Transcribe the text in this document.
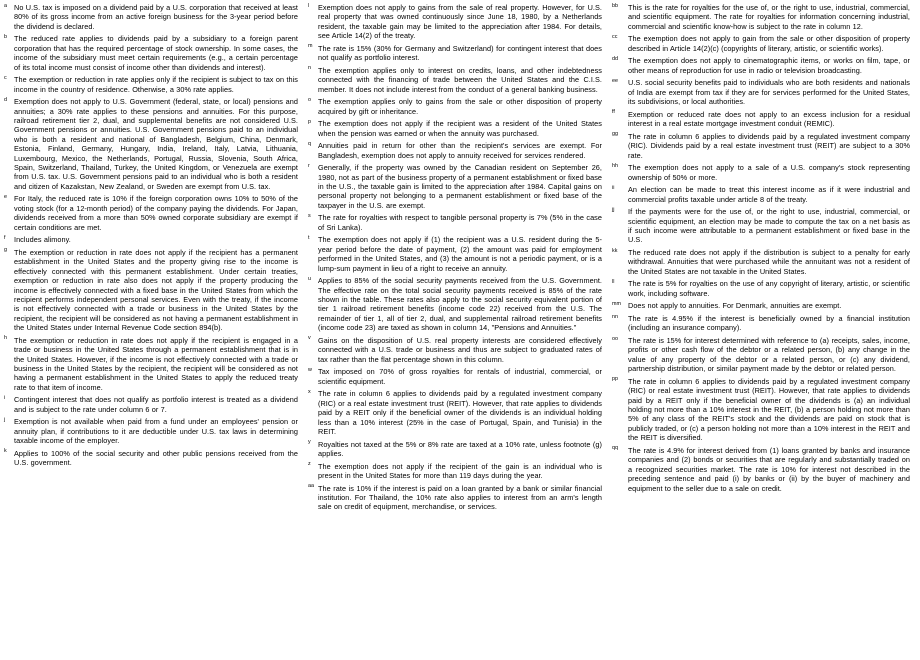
a No U.S. tax is imposed on a dividend paid by a U.S. corporation that received at least 80% of its gross income from an active foreign business for the 3-year period before the dividend is declared.
b The reduced rate applies to dividends paid by a subsidiary to a foreign parent corporation that has the required percentage of stock ownership. In some cases, the income of the subsidiary must meet certain requirements (e.g., a certain percentage of its total income must consist of income other than dividends and interest).
c The exemption or reduction in rate applies only if the recipient is subject to tax on this income in the country of residence. Otherwise, a 30% rate applies.
d Exemption does not apply to U.S. Government (federal, state, or local) pensions and annuities; a 30% rate applies to these pensions and annuities. For this purpose, railroad retirement tier 2, dual, and supplemental benefits are not considered U.S. Government pensions or annuities. U.S. Government pensions paid to an individual who is both a resident and national of Bangladesh, Belgium, China, Denmark, Estonia, Finland, Germany, Hungary, India, Ireland, Italy, Latvia, Lithuania, Luxembourg, Mexico, the Netherlands, Portugal, Russia, Slovenia, South Africa, Spain, Switzerland, Thailand, Turkey, the United Kingdom, or Venezuela are exempt from U.S. tax. U.S. Government pensions paid to an individual who is both a resident and citizen of Kazakstan, New Zealand, or Sweden are exempt from U.S. tax.
e For Italy, the reduced rate is 10% if the foreign corporation owns 10% to 50% of the voting stock (for a 12-month period) of the company paying the dividends. For Japan, dividends received from a more than 50% owned corporate subsidiary are exempt if certain conditions are met.
f Includes alimony.
g The exemption or reduction in rate does not apply if the recipient has a permanent establishment in the United States and the property giving rise to the income is effectively connected with this permanent establishment. Under certain treaties, exemption or reduction in rate also does not apply if the property producing the income is effectively connected with a fixed base in the United States from which the recipient performs independent personal services. Even with the treaty, if the income is not effectively connected with a trade or business in the United States by the recipient, the recipient will be considered as not having a permanent establishment in the United States under Internal Revenue Code section 894(b).
h The exemption or reduction in rate does not apply if the recipient is engaged in a trade or business in the United States through a permanent establishment that is in the United States. However, if the income is not effectively connected with a trade or business in the United States by the recipient, the recipient will be considered as not having a permanent establishment in the United States to apply the reduced treaty rate to that item of income.
i Contingent interest that does not qualify as portfolio interest is treated as a dividend and is subject to the rate under column 6 or 7.
j Exemption is not available when paid from a fund under an employees' pension or annuity plan, if contributions to it are deductible under U.S. tax laws in determining taxable income of the employer.
k Applies to 100% of the social security and other public pensions received from the U.S. government.
l Exemption does not apply to gains from the sale of real property. However, for U.S. real property that was owned continuously since June 18, 1980, by a Netherlands resident, the taxable gain may be limited to the appreciation after 1984. For details, see Article 14(2) of the treaty.
m The rate is 15% (30% for Germany and Switzerland) for contingent interest that does not qualify as portfolio interest.
n The exemption applies only to interest on credits, loans, and other indebtedness connected with the financing of trade between the United States and the C.I.S. member. It does not include interest from the conduct of a general banking business.
o The exemption applies only to gains from the sale or other disposition of property acquired by gift or inheritance.
p The exemption does not apply if the recipient was a resident of the United States when the pension was earned or when the annuity was purchased.
q Annuities paid in return for other than the recipient's services are exempt. For Bangladesh, exemption does not apply to annuity received for services rendered.
r Generally, if the property was owned by the Canadian resident on September 26, 1980, not as part of the business property of a permanent establishment or fixed base in the U.S., the taxable gain is limited to the appreciation after 1984. Capital gains on personal property not belonging to a permanent establishment or fixed base of the taxpayer in the U.S. are exempt.
s The rate for royalties with respect to tangible personal property is 7% (5% in the case of Sri Lanka).
t The exemption does not apply if (1) the recipient was a U.S. resident during the 5-year period before the date of payment, (2) the amount was paid for employment performed in the United States, and (3) the amount is not a periodic payment, or is a lump-sum payment in lieu of a right to receive an annuity.
u Applies to 85% of the social security payments received from the U.S. Government. The effective rate on the total social security payments received is 85% of the rate shown in the table. These rates also apply to the social security equivalent portion of tier 1 railroad retirement benefits (income code 22) received from the U.S. The remainder of tier 1, all of tier 2, dual, and supplemental railroad retirement benefits (income code 23) are taxed as shown in column 14, "Pensions and Annuities."
v Gains on the disposition of U.S. real property interests are considered effectively connected with a U.S. trade or business and thus are subject to graduated rates of tax rather than the flat percentage shown in this column.
w Tax imposed on 70% of gross royalties for rentals of industrial, commercial, or scientific equipment.
x The rate in column 6 applies to dividends paid by a regulated investment company (RIC) or a real estate investment trust (REIT). However, that rate applies to dividends paid by a REIT only if the beneficial owner of the dividends is an individual holding less than a 10% interest (25% in the case of Portugal, Spain, and Tunisia) in the REIT.
y Royalties not taxed at the 5% or 8% rate are taxed at a 10% rate, unless footnote (g) applies.
z The exemption does not apply if the recipient of the gain is an individual who is present in the United States for more than 119 days during the year.
aa The rate is 10% if the interest is paid on a loan granted by a bank or similar financial institution. For Thailand, the 10% rate also applies to interest from an arm's length sale on credit of equipment, merchandise, or services.
bb This is the rate for royalties for the use of, or the right to use, industrial, commercial, and scientific equipment. The rate for royalties for information concerning industrial, commercial and scientific know-how is subject to the rate in column 12.
cc The exemption does not apply to gain from the sale or other disposition of property described in Article 14(2)(c) (copyrights of literary, artistic, or scientific works).
dd The exemption does not apply to cinematographic items, or works on film, tape, or other means of reproduction for use in radio or television broadcasting.
ee U.S. social security benefits paid to individuals who are both residents and nationals of India are exempt from tax if they are for services performed for the United States, its subdivisions, or local authorities.
ff Exemption or reduced rate does not apply to an excess inclusion for a residual interest in a real estate mortgage investment conduit (REMIC).
gg The rate in column 6 applies to dividends paid by a regulated investment company (RIC). Dividends paid by a real estate investment trust (REIT) are subject to a 30% rate.
hh The exemption does not apply to a sale of a U.S. company's stock representing ownership of 50% or more.
ii An election can be made to treat this interest income as if it were industrial and commercial profits taxable under article 8 of the treaty.
jj If the payments were for the use of, or the right to use, industrial, commercial, or scientific equipment, an election may be made to compute the tax on a net basis as if such income were attributable to a permanent establishment or fixed base in the U.S.
kk The reduced rate does not apply if the distribution is subject to a penalty for early withdrawal. Annuities that were purchased while the annuitant was not a resident of the United States are not taxable in the United States.
ll The rate is 5% for royalties on the use of any copyright of literary, artistic, or scientific work, including software.
mm Does not apply to annuities. For Denmark, annuities are exempt.
nn The rate is 4.95% if the interest is beneficially owned by a financial institution (including an insurance company).
oo The rate is 15% for interest determined with reference to (a) receipts, sales, income, profits or other cash flow of the debtor or a related person, (b) any change in the value of any property of the debtor or a related person, or (c) any dividend, partnership distribution, or similar payment made by the debtor or related person.
pp The rate in column 6 applies to dividends paid by a regulated investment company (RIC) or real estate investment trust (REIT). However, that rate applies to dividends paid by a REIT only if the beneficial owner of the dividends is (a) an individual holding not more than a 10% interest in the REIT, (b) a person holding not more than 5% of any class of the REIT's stock and the dividends are paid on stock that is publicly traded, or (c) a person holding not more than a 10% interest in the REIT and the REIT is diversified.
qq The rate is 4.9% for interest derived from (1) loans granted by banks and insurance companies and (2) bonds or securities that are regularly and substantially traded on a recognized securities market. The rate is 10% for interest not described in the preceding sentence and paid (i) by banks or (ii) by the buyer of machinery and equipment to the seller due to a sale on credit.
